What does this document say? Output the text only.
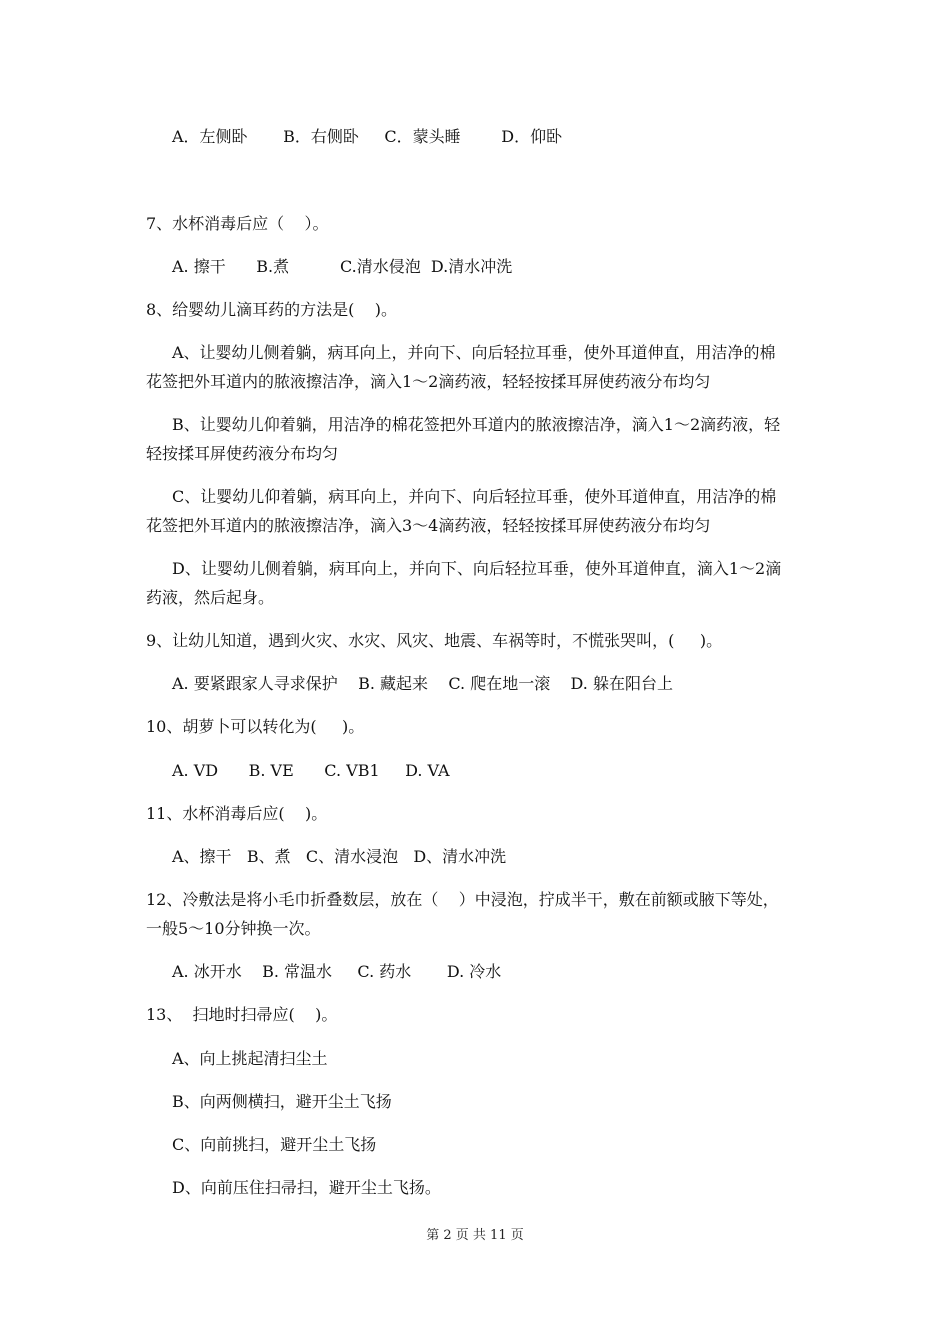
A．左侧卧       B．右侧卧     C．蒙头睡        D．仰卧
7、水杯消毒后应（    ）。
A. 擦干      B.煮          C.清水侵泡  D.清水冲洗
8、给婴幼儿滴耳药的方法是(    )。
A、让婴幼儿侧着躺，病耳向上，并向下、向后轻拉耳垂，使外耳道伸直，用洁净的棉
花签把外耳道内的脓液擦洁净，滴入1～2滴药液，轻轻按揉耳屏使药液分布均匀
B、让婴幼儿仰着躺，用洁净的棉花签把外耳道内的脓液擦洁净，滴入1～2滴药液，轻
轻按揉耳屏使药液分布均匀
C、让婴幼儿仰着躺，病耳向上，并向下、向后轻拉耳垂，使外耳道伸直，用洁净的棉
花签把外耳道内的脓液擦洁净，滴入3～4滴药液，轻轻按揉耳屏使药液分布均匀
D、让婴幼儿侧着躺，病耳向上，并向下、向后轻拉耳垂，使外耳道伸直，滴入1～2滴
药液，然后起身。
9、让幼儿知道，遇到火灾、水灾、风灾、地震、车祸等时，不慌张哭叫，(     )。
A. 要紧跟家人寻求保护    B. 藏起来    C. 爬在地一滚    D. 躲在阳台上
10、胡萝卜可以转化为(     )。
A. VD      B. VE      C. VB1     D. VA
11、水杯消毒后应(    )。
A、擦干   B、煮   C、清水浸泡   D、清水冲洗
12、冷敷法是将小毛巾折叠数层，放在（    ）中浸泡，拧成半干，敷在前额或腋下等处，
一般5～10分钟换一次。
A. 冰开水    B. 常温水     C. 药水       D. 冷水
13、  扫地时扫帚应(    )。
A、向上挑起清扫尘土
B、向两侧横扫，避开尘土飞扬
C、向前挑扫，避开尘土飞扬
D、向前压住扫帚扫，避开尘土飞扬。
第 2 页 共 11 页
